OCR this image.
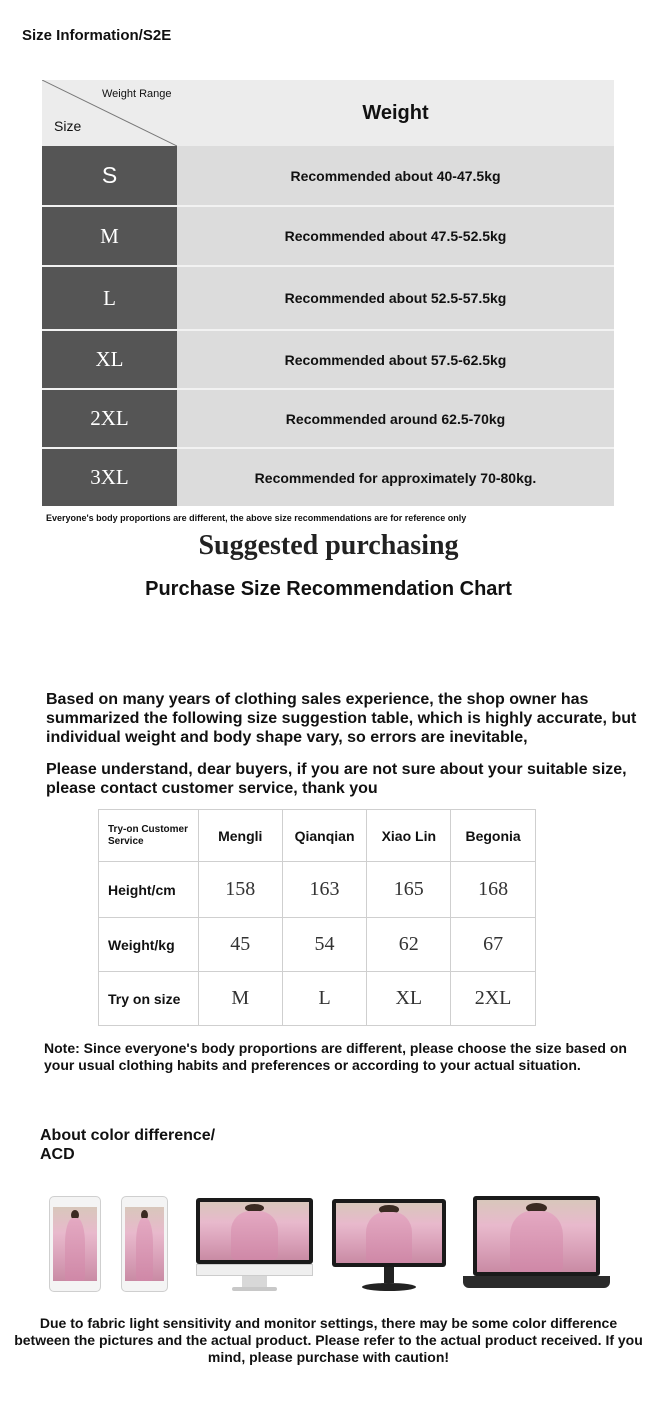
Size Information/S2E
Weight Range
Size
Weight
S	Recommended about 40-47.5kg
M	Recommended about 47.5-52.5kg
L	Recommended about 52.5-57.5kg
XL	Recommended about 57.5-62.5kg
2XL	Recommended around 62.5-70kg
3XL	Recommended for approximately 70-80kg.
Everyone's body proportions are different, the above size recommendations are for reference only
Suggested purchasing
Purchase Size Recommendation Chart
Based on many years of clothing sales experience, the shop owner has summarized the following size suggestion table, which is highly accurate, but individual weight and body shape vary, so errors are inevitable,
Please understand, dear buyers, if you are not sure about your suitable size, please contact customer service, thank you
Try-on Customer Service	Mengli	Qianqian	Xiao Lin	Begonia
Height/cm	158	163	165	168
Weight/kg	45	54	62	67
Try on size	M	L	XL	2XL
Note: Since everyone's body proportions are different, please choose the size based on your usual clothing habits and preferences or according to your actual situation.
About color difference/
ACD
Due to fabric light sensitivity and monitor settings, there may be some color difference between the pictures and the actual product. Please refer to the actual product received. If you mind, please purchase with caution!
